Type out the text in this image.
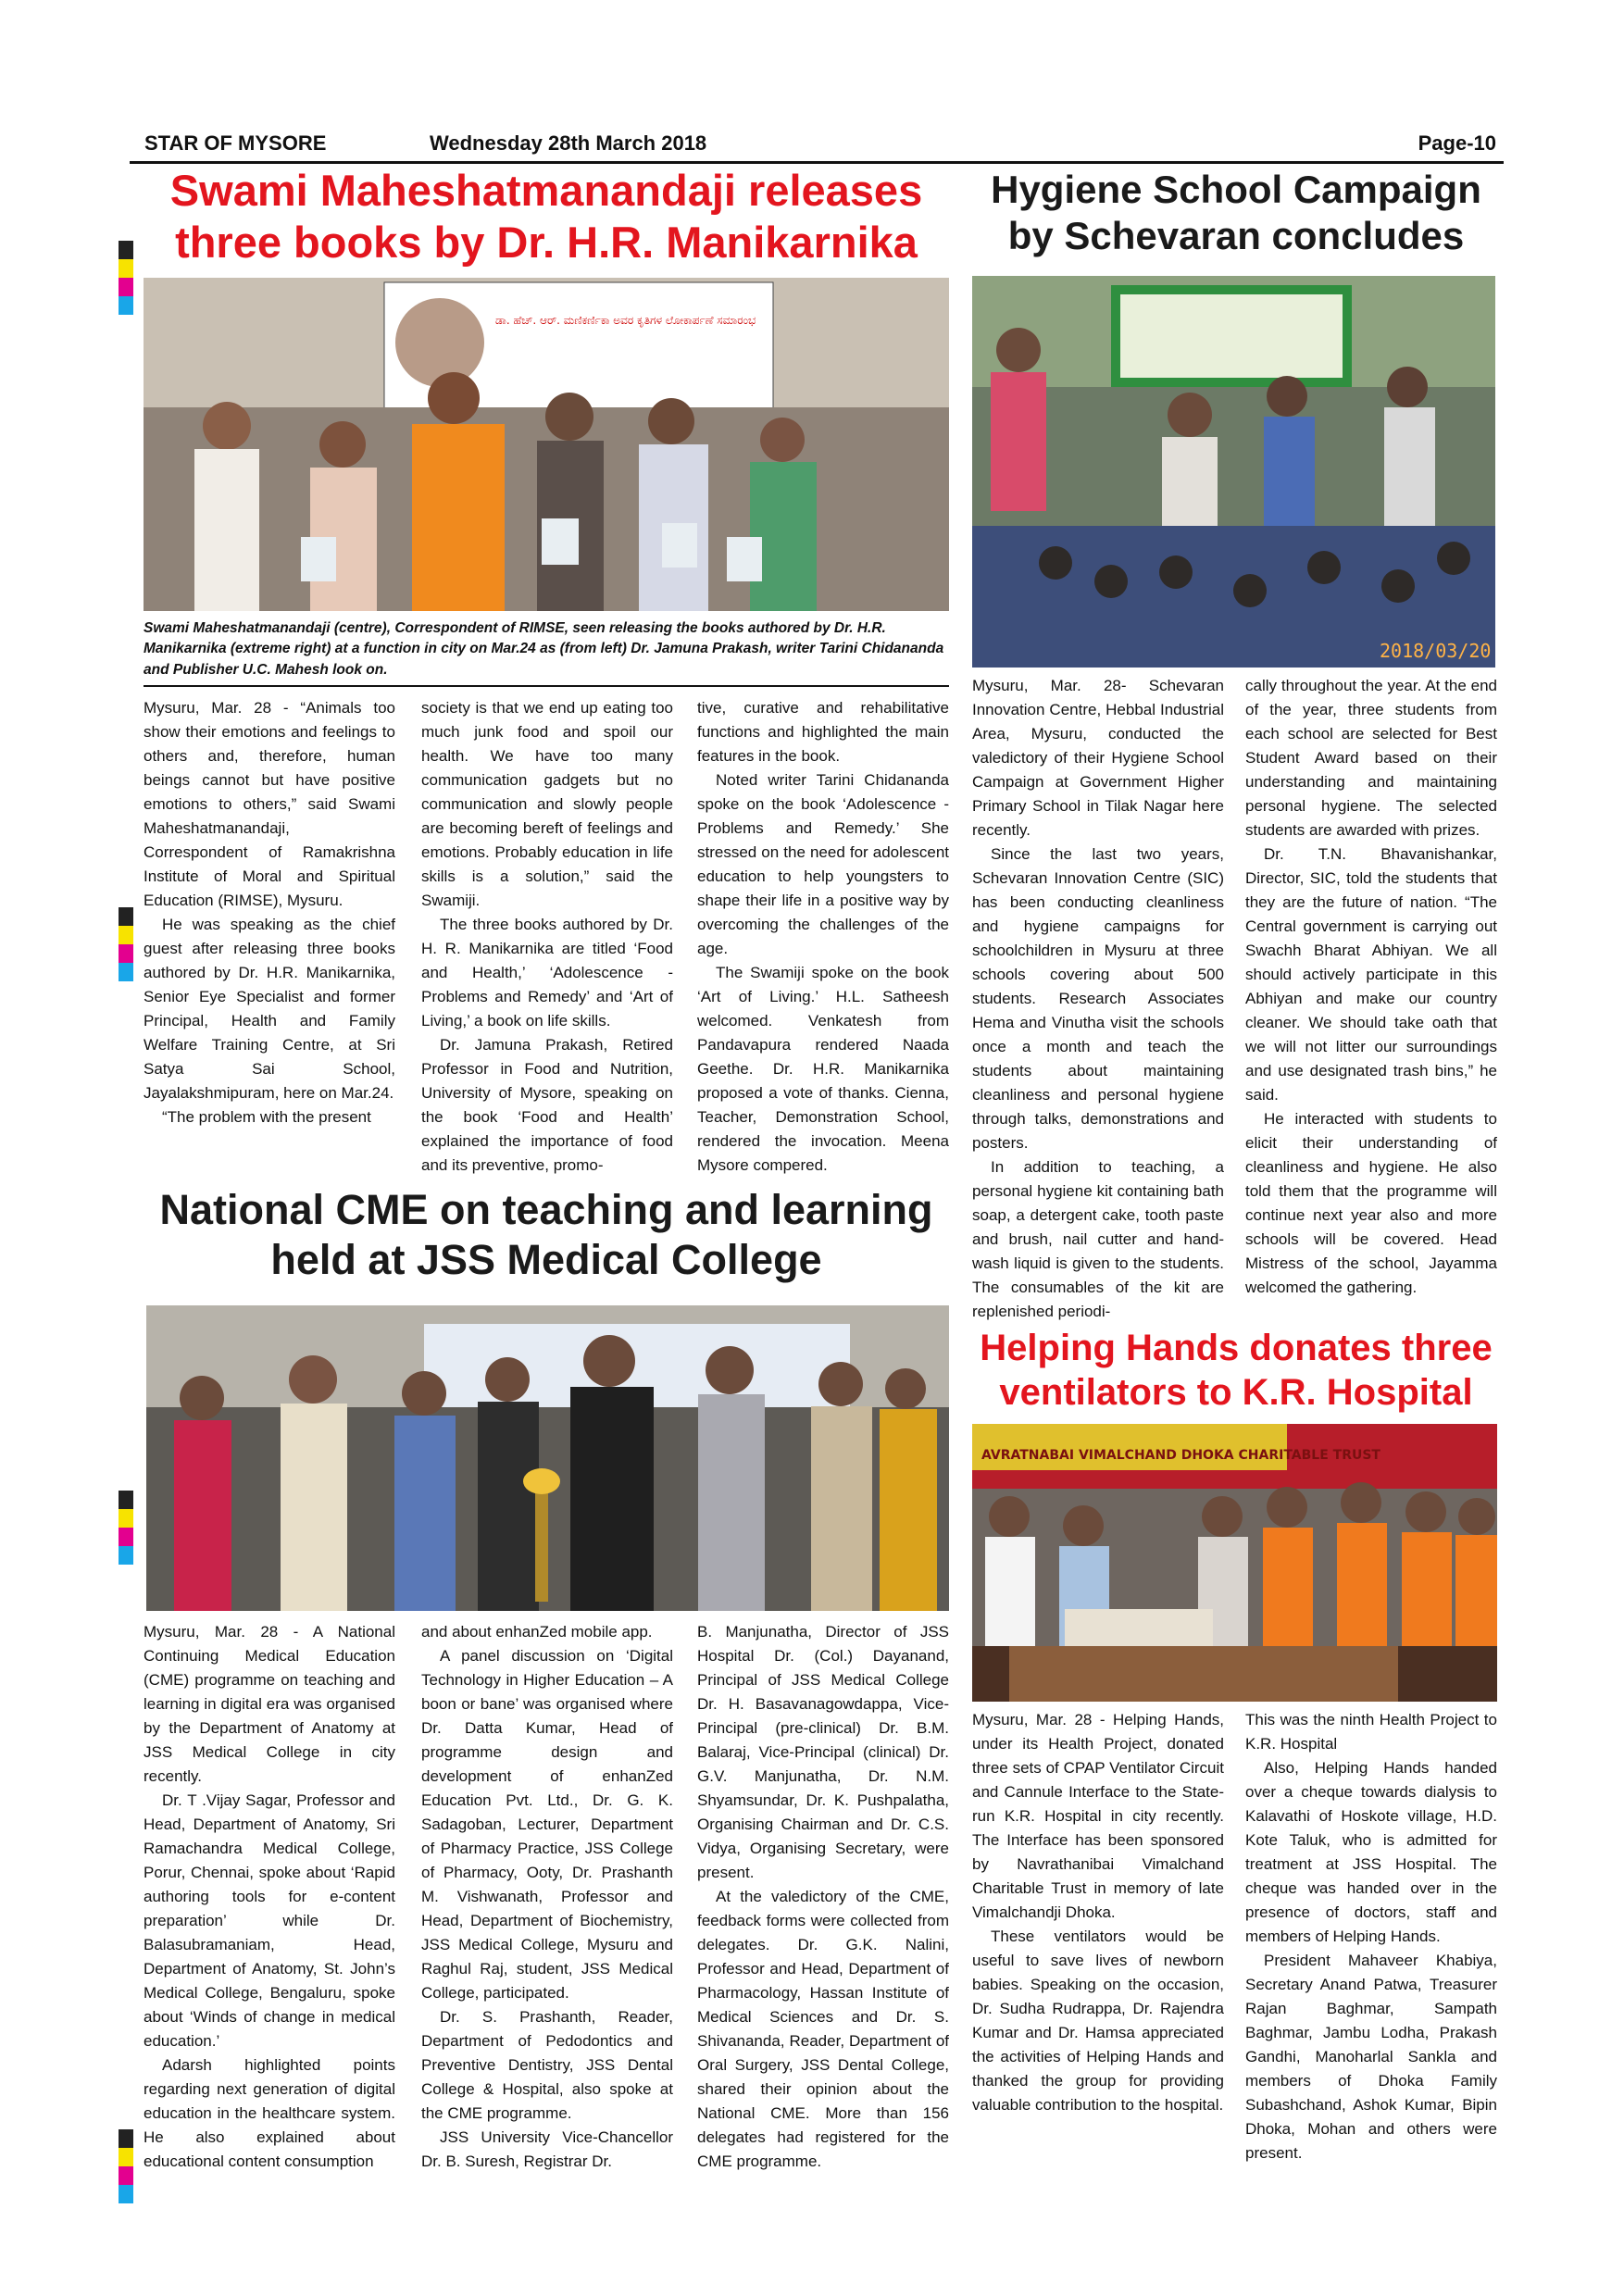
STAR OF MYSORE	Wednesday 28th March 2018	Page-10
Swami Maheshatmanandaji releases
three books by Dr. H.R. Manikarnika
ಡಾ. ಹೆಚ್. ಆರ್. ಮಣಿಕರ್ಣಿಕಾ ಅವರ ಕೃತಿಗಳ ಲೋಕಾರ್ಪಣೆ ಸಮಾರಂಭ
Swami Maheshatmanandaji (centre), Correspondent of RIMSE, seen releasing the books authored by Dr. H.R. Manikarnika (extreme right) at a function in city on Mar.24 as (from left) Dr. Jamuna Prakash, writer Tarini Chidananda and Publisher U.C. Mahesh look on.

Mysuru, Mar. 28 - “Animals too show their emotions and feelings to others and, therefore, human beings cannot but have positive emotions to others,” said Swami Maheshatmanandaji, Correspondent of Ramakrishna Institute of Moral and Spiritual Education (RIMSE), Mysuru.

He was speaking as the chief guest after releasing three books authored by Dr. H.R. Manikarnika, Senior Eye Specialist and former Principal, Health and Family Welfare Training Centre, at Sri Satya Sai School, Jayalakshmipuram, here on Mar.24.

“The problem with the present

society is that we end up eating too much junk food and spoil our health. We have too many communication gadgets but no communication and slowly people are becoming bereft of feelings and emotions. Probably education in life skills is a solution,” said the Swamiji.

The three books authored by Dr. H. R. Manikarnika are titled ‘Food and Health,’ ‘Adolescence - Problems and Remedy’ and ‘Art of Living,’ a book on life skills.

Dr. Jamuna Prakash, Retired Professor in Food and Nutrition, University of Mysore, speaking on the book ‘Food and Health’ explained the importance of food and its preventive, promo-

tive, curative and rehabilitative functions and highlighted the main features in the book.

Noted writer Tarini Chidananda spoke on the book ‘Adolescence - Problems and Remedy.’ She stressed on the need for adolescent education to help youngsters to shape their life in a positive way by overcoming the challenges of the age.

The Swamiji spoke on the book ‘Art of Living.’ H.L. Satheesh welcomed. Venkatesh from Pandavapura rendered Naada Geethe. Dr. H.R. Manikarnika proposed a vote of thanks. Cienna, Teacher, Demonstration School, rendered the invocation. Meena Mysore compered.

Hygiene School Campaign
by Schevaran concludes
2018/03/20

Mysuru, Mar. 28- Schevaran Innovation Centre, Hebbal Industrial Area, Mysuru, conducted the valedictory of their Hygiene School Campaign at Government Higher Primary School in Tilak Nagar here recently.

Since the last two years, Schevaran Innovation Centre (SIC) has been conducting cleanliness and hygiene campaigns for schoolchildren in Mysuru at three schools covering about 500 students. Research Associates Hema and Vinutha visit the schools once a month and teach the students about maintaining cleanliness and personal hygiene through talks, demonstrations and posters.

In addition to teaching, a personal hygiene kit containing bath soap, a detergent cake, tooth paste and brush, nail cutter and hand-wash liquid is given to the students. The consumables of the kit are replenished periodi-

cally throughout the year. At the end of the year, three students from each school are selected for Best Student Award based on their understanding and maintaining personal hygiene. The selected students are awarded with prizes.

Dr. T.N. Bhavanishankar, Director, SIC, told the students that they are the future of nation. “The Central government is carrying out Swachh Bharat Abhiyan. We all should actively participate in this Abhiyan and make our country cleaner. We should take oath that we will not litter our surroundings and use designated trash bins,” he said.

He interacted with students to elicit their understanding of cleanliness and hygiene. He also told them that the programme will continue next year also and more schools will be covered. Head Mistress of the school, Jayamma welcomed the gathering.

National CME on teaching and learning
held at JSS Medical College

Mysuru, Mar. 28 - A National Continuing Medical Education (CME) programme on teaching and learning in digital era was organised by the Department of Anatomy at JSS Medical College in city recently.

Dr. T .Vijay Sagar, Professor and Head, Department of Anatomy, Sri Ramachandra Medical College, Porur, Chennai, spoke about ‘Rapid authoring tools for e-content preparation’ while Dr. Balasubramaniam, Head, Department of Anatomy, St. John’s Medical College, Bengaluru, spoke about ‘Winds of change in medical education.’

Adarsh highlighted points regarding next generation of digital education in the healthcare system. He also explained about educational content consumption

and about enhanZed mobile app.

A panel discussion on ‘Digital Technology in Higher Education – A boon or bane’ was organised where Dr. Datta Kumar, Head of programme design and development of enhanZed Education Pvt. Ltd., Dr. G. K. Sadagoban, Lecturer, Department of Pharmacy Practice, JSS College of Pharmacy, Ooty, Dr. Prashanth M. Vishwanath, Professor and Head, Department of Biochemistry, JSS Medical College, Mysuru and Raghul Raj, student, JSS Medical College, participated.

Dr. S. Prashanth, Reader, Department of Pedodontics and Preventive Dentistry, JSS Dental College & Hospital, also spoke at the CME programme.

JSS University Vice-Chancellor Dr. B. Suresh, Registrar Dr.

B. Manjunatha, Director of JSS Hospital Dr. (Col.) Dayanand, Principal of JSS Medical College Dr. H. Basavanagowdappa, Vice-Principal (pre-clinical) Dr. B.M. Balaraj, Vice-Principal (clinical) Dr. G.V. Manjunatha, Dr. N.M. Shyamsundar, Dr. K. Pushpalatha, Organising Chairman and Dr. C.S. Vidya, Organising Secretary, were present.

At the valedictory of the CME, feedback forms were collected from delegates. Dr. G.K. Nalini, Professor and Head, Department of Pharmacology, Hassan Institute of Medical Sciences and Dr. S. Shivananda, Reader, Department of Oral Surgery, JSS Dental College, shared their opinion about the National CME. More than 156 delegates had registered for the CME programme.

Helping Hands donates three
ventilators to K.R. Hospital
AVRATNABAI VIMALCHAND DHOKA CHARITABLE TRUST

Mysuru, Mar. 28 - Helping Hands, under its Health Project, donated three sets of CPAP Ventilator Circuit and Cannule Interface to the State-run K.R. Hospital in city recently. The Interface has been sponsored by Navrathanibai Vimalchand Charitable Trust in memory of late Vimalchandji Dhoka.

These ventilators would be useful to save lives of newborn babies. Speaking on the occasion, Dr. Sudha Rudrappa, Dr. Rajendra Kumar and Dr. Hamsa appreciated the activities of Helping Hands and thanked the group for providing valuable contribution to the hospital.

This was the ninth Health Project to K.R. Hospital

Also, Helping Hands handed over a cheque towards dialysis to Kalavathi of Hoskote village, H.D. Kote Taluk, who is admitted for treatment at JSS Hospital. The cheque was handed over in the presence of doctors, staff and members of Helping Hands.

President Mahaveer Khabiya, Secretary Anand Patwa, Treasurer Rajan Baghmar, Sampath Baghmar, Jambu Lodha, Prakash Gandhi, Manoharlal Sankla and members of Dhoka Family Subashchand, Ashok Kumar, Bipin Dhoka, Mohan and others were present.
